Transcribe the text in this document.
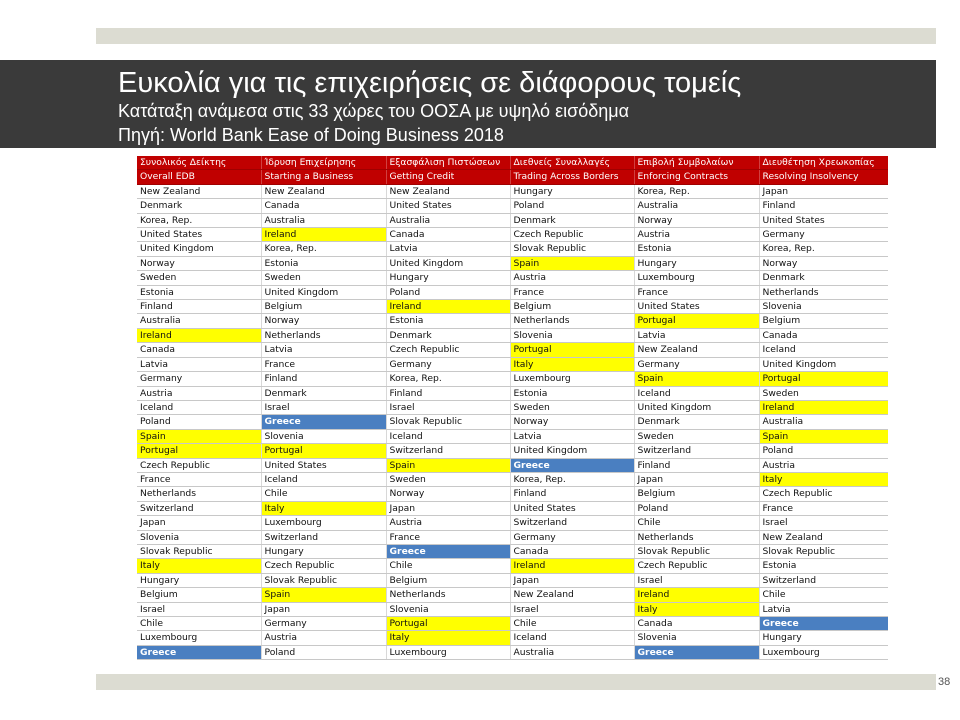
Ευκολία για τις επιχειρήσεις σε διάφορους τομείς
Κατάταξη ανάμεσα στις 33 χώρες του ΟΟΣΑ με υψηλό εισόδημα
Πηγή: World Bank Ease of Doing Business 2018
Συνολικός Δείκτης	Ίδρυση Επιχείρησης	Εξασφάλιση Πιστώσεων	Διεθνείς Συναλλαγές	Επιβολή Συμβολαίων	Διευθέτηση Χρεωκοπίας
Overall EDB	Starting a Business	Getting Credit	Trading Across Borders	Enforcing Contracts	Resolving Insolvency
New Zealand	New Zealand	New Zealand	Hungary	Korea, Rep.	Japan
Denmark	Canada	United States	Poland	Australia	Finland
Korea, Rep.	Australia	Australia	Denmark	Norway	United States
United States	Ireland	Canada	Czech Republic	Austria	Germany
United Kingdom	Korea, Rep.	Latvia	Slovak Republic	Estonia	Korea, Rep.
Norway	Estonia	United Kingdom	Spain	Hungary	Norway
Sweden	Sweden	Hungary	Austria	Luxembourg	Denmark
Estonia	United Kingdom	Poland	France	France	Netherlands
Finland	Belgium	Ireland	Belgium	United States	Slovenia
Australia	Norway	Estonia	Netherlands	Portugal	Belgium
Ireland	Netherlands	Denmark	Slovenia	Latvia	Canada
Canada	Latvia	Czech Republic	Portugal	New Zealand	Iceland
Latvia	France	Germany	Italy	Germany	United Kingdom
Germany	Finland	Korea, Rep.	Luxembourg	Spain	Portugal
Austria	Denmark	Finland	Estonia	Iceland	Sweden
Iceland	Israel	Israel	Sweden	United Kingdom	Ireland
Poland	Greece	Slovak Republic	Norway	Denmark	Australia
Spain	Slovenia	Iceland	Latvia	Sweden	Spain
Portugal	Portugal	Switzerland	United Kingdom	Switzerland	Poland
Czech Republic	United States	Spain	Greece	Finland	Austria
France	Iceland	Sweden	Korea, Rep.	Japan	Italy
Netherlands	Chile	Norway	Finland	Belgium	Czech Republic
Switzerland	Italy	Japan	United States	Poland	France
Japan	Luxembourg	Austria	Switzerland	Chile	Israel
Slovenia	Switzerland	France	Germany	Netherlands	New Zealand
Slovak Republic	Hungary	Greece	Canada	Slovak Republic	Slovak Republic
Italy	Czech Republic	Chile	Ireland	Czech Republic	Estonia
Hungary	Slovak Republic	Belgium	Japan	Israel	Switzerland
Belgium	Spain	Netherlands	New Zealand	Ireland	Chile
Israel	Japan	Slovenia	Israel	Italy	Latvia
Chile	Germany	Portugal	Chile	Canada	Greece
Luxembourg	Austria	Italy	Iceland	Slovenia	Hungary
Greece	Poland	Luxembourg	Australia	Greece	Luxembourg
38
